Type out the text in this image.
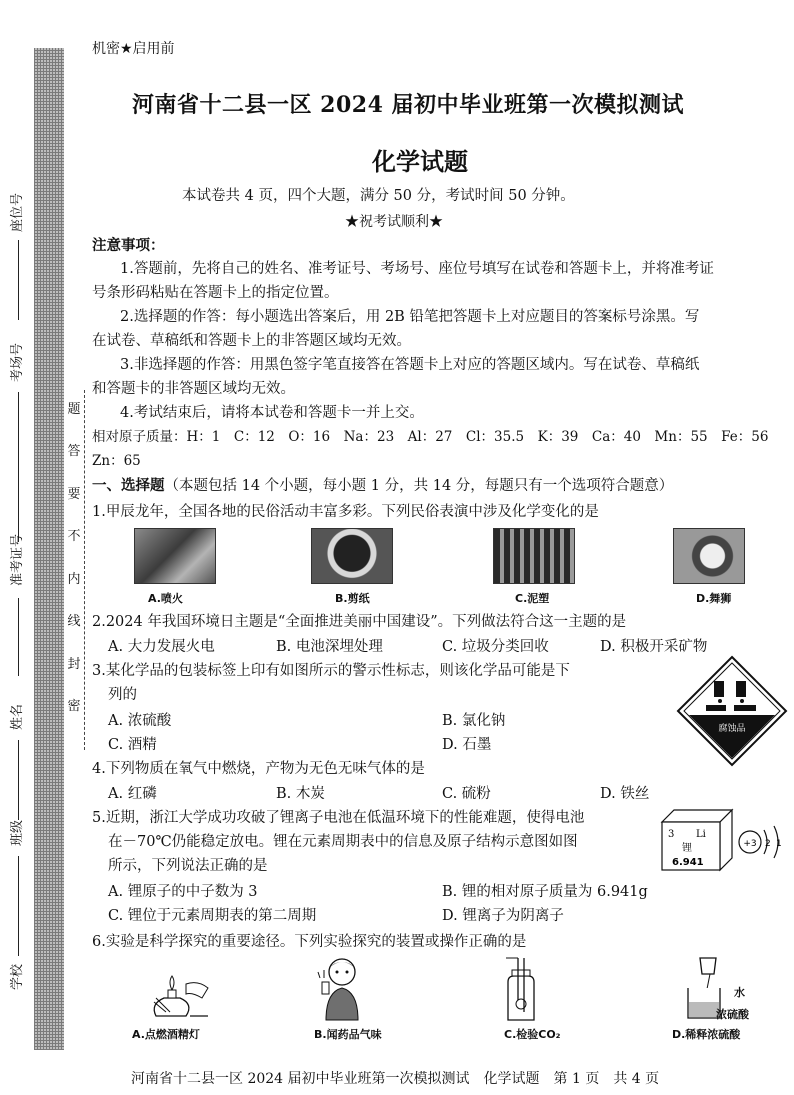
座位号
考场号
准考证号
姓名
班级
学校
题
答
要
不
内
线
封
密
机密★启用前
河南省十二县一区 2024 届初中毕业班第一次模拟测试
化学试题
本试卷共 4 页，四个大题，满分 50 分，考试时间 50 分钟。
★祝考试顺利★
注意事项：
1.答题前，先将自己的姓名、准考证号、考场号、座位号填写在试卷和答题卡上，并将准考证
号条形码粘贴在答题卡上的指定位置。
2.选择题的作答：每小题选出答案后，用 2B 铅笔把答题卡上对应题目的答案标号涂黑。写
在试卷、草稿纸和答题卡上的非答题区域均无效。
3.非选择题的作答：用黑色签字笔直接答在答题卡上对应的答题区域内。写在试卷、草稿纸
和答题卡的非答题区域均无效。
4.考试结束后，请将本试卷和答题卡一并上交。
相对原子质量：H：1　C：12　O：16　Na：23　Al：27　Cl：35.5　K：39　Ca：40　Mn：55　Fe：56
Zn：65
一、选择题（本题包括 14 个小题，每小题 1 分，共 14 分，每题只有一个选项符合题意）
1.甲辰龙年，全国各地的民俗活动丰富多彩。下列民俗表演中涉及化学变化的是
A.喷火	B.剪纸	C.泥塑	D.舞狮
2.2024 年我国环境日主题是“全面推进美丽中国建设”。下列做法符合这一主题的是
A. 大力发展火电	B. 电池深埋处理	C. 垃圾分类回收	D. 积极开采矿物
3.某化学品的包装标签上印有如图所示的警示性标志，则该化学品可能是下
列的
A. 浓硫酸	B. 氯化钠
C. 酒精	D. 石墨
腐蚀品
4.下列物质在氧气中燃烧，产物为无色无味气体的是
A. 红磷	B. 木炭	C. 硫粉	D. 铁丝
5.近期，浙江大学成功攻破了锂离子电池在低温环境下的性能难题，使得电池
在－70℃仍能稳定放电。锂在元素周期表中的信息及原子结构示意图如图
所示，下列说法正确的是
A. 锂原子的中子数为 3	B. 锂的相对原子质量为 6.941g
C. 锂位于元素周期表的第二周期	D. 锂离子为阴离子
3 Li
锂
6.941
+3 2 1
6.实验是科学探究的重要途径。下列实验探究的装置或操作正确的是
A.点燃酒精灯	B.闻药品气味	C.检验CO₂
水
浓硫酸
D.稀释浓硫酸
河南省十二县一区 2024 届初中毕业班第一次模拟测试　化学试题　第 1 页　共 4 页
